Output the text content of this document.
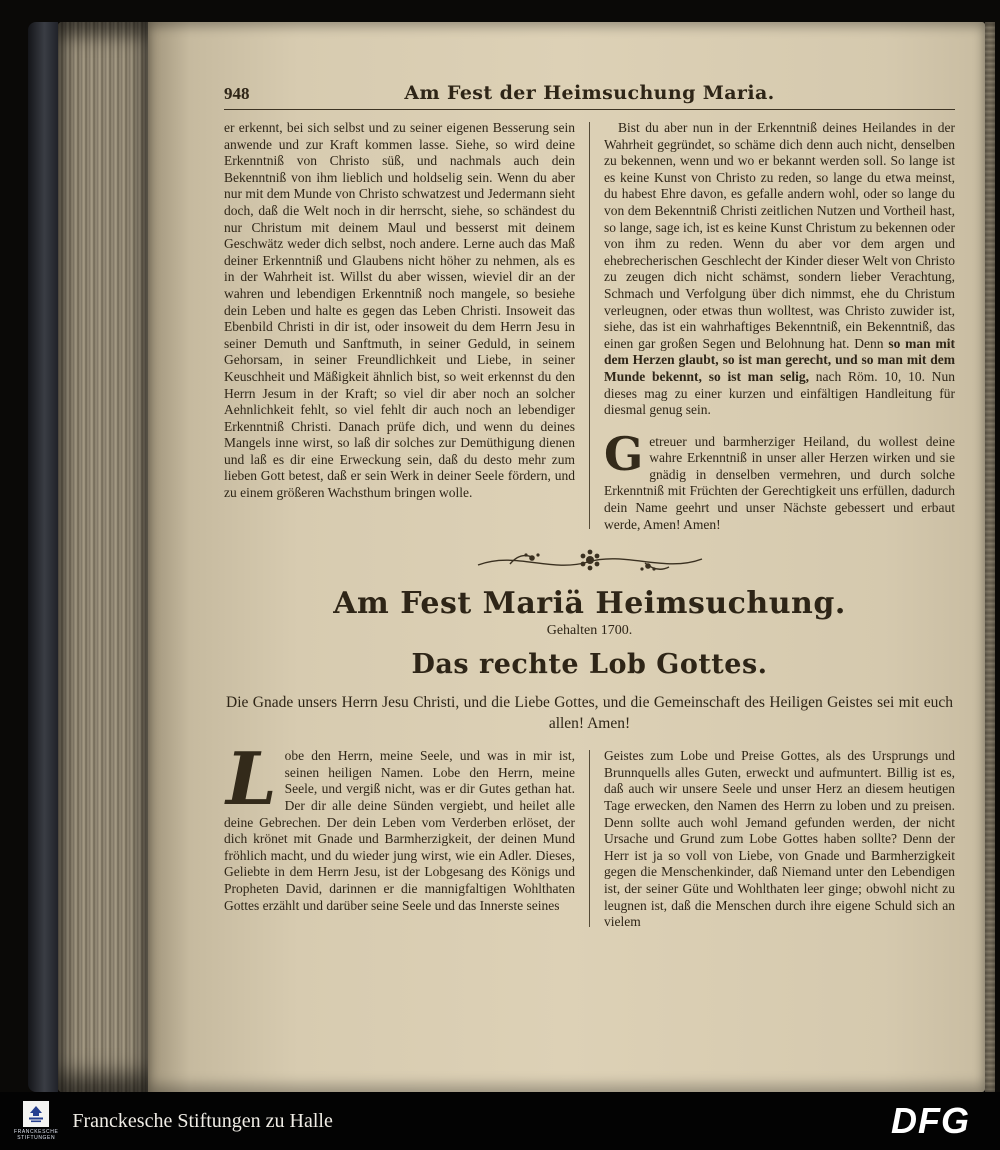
948	Am Fest der Heimsuchung Maria.

er erkennt, bei sich selbst und zu seiner eigenen Besserung sein anwende und zur Kraft kommen lasse. Siehe, so wird deine Erkenntniß von Christo süß, und nachmals auch dein Bekenntniß von ihm lieblich und holdselig sein. Wenn du aber nur mit dem Munde von Christo schwatzest und Jedermann sieht doch, daß die Welt noch in dir herrscht, siehe, so schändest du nur Christum mit deinem Maul und besserst mit deinem Geschwätz weder dich selbst, noch andere. Lerne auch das Maß deiner Erkenntniß und Glaubens nicht höher zu nehmen, als es in der Wahrheit ist. Willst du aber wissen, wieviel dir an der wahren und lebendigen Erkenntniß noch mangele, so besiehe dein Leben und halte es gegen das Leben Christi. Insoweit das Ebenbild Christi in dir ist, oder insoweit du dem Herrn Jesu in seiner Demuth und Sanftmuth, in seiner Geduld, in seinem Gehorsam, in seiner Freundlichkeit und Liebe, in seiner Keuschheit und Mäßigkeit ähnlich bist, so weit erkennst du den Herrn Jesum in der Kraft; so viel dir aber noch an solcher Aehnlichkeit fehlt, so viel fehlt dir auch noch an lebendiger Erkenntniß Christi. Danach prüfe dich, und wenn du deines Mangels inne wirst, so laß dir solches zur Demüthigung dienen und laß es dir eine Erweckung sein, daß du desto mehr zum lieben Gott betest, daß er sein Werk in deiner Seele fördern, und zu einem größeren Wachsthum bringen wolle.

Bist du aber nun in der Erkenntniß deines Heilandes in der Wahrheit gegründet, so schäme dich denn auch nicht, denselben zu bekennen, wenn und wo er bekannt werden soll. So lange ist es keine Kunst von Christo zu reden, so lange du etwa meinst, du habest Ehre davon, es gefalle andern wohl, oder so lange du von dem Bekenntniß Christi zeitlichen Nutzen und Vortheil hast, so lange, sage ich, ist es keine Kunst Christum zu bekennen oder von ihm zu reden. Wenn du aber vor dem argen und ehebrecherischen Geschlecht der Kinder dieser Welt von Christo zu zeugen dich nicht schämst, sondern lieber Verachtung, Schmach und Verfolgung über dich nimmst, ehe du Christum verleugnen, oder etwas thun wolltest, was Christo zuwider ist, siehe, das ist ein wahrhaftiges Bekenntniß, ein Bekenntniß, das einen gar großen Segen und Belohnung hat. Denn so man mit dem Herzen glaubt, so ist man gerecht, und so man mit dem Munde bekennt, so ist man selig, nach Röm. 10, 10. Nun dieses mag zu einer kurzen und einfältigen Handleitung für diesmal genug sein.

Getreuer und barmherziger Heiland, du wollest deine wahre Erkenntniß in unser aller Herzen wirken und sie gnädig in denselben vermehren, und durch solche Erkenntniß mit Früchten der Gerechtigkeit uns erfüllen, dadurch dein Name geehrt und unser Nächste gebessert und erbaut werde, Amen! Amen!

Am Fest Mariä Heimsuchung.
Gehalten 1700.
Das rechte Lob Gottes.

Die Gnade unsers Herrn Jesu Christi, und die Liebe Gottes, und die Gemeinschaft des Heiligen Geistes sei mit euch allen! Amen!

Lobe den Herrn, meine Seele, und was in mir ist, seinen heiligen Namen. Lobe den Herrn, meine Seele, und vergiß nicht, was er dir Gutes gethan hat. Der dir alle deine Sünden vergiebt, und heilet alle deine Gebrechen. Der dein Leben vom Verderben erlöset, der dich krönet mit Gnade und Barmherzigkeit, der deinen Mund fröhlich macht, und du wieder jung wirst, wie ein Adler. Dieses, Geliebte in dem Herrn Jesu, ist der Lobgesang des Königs und Propheten David, darinnen er die mannigfaltigen Wohlthaten Gottes erzählt und darüber seine Seele und das Innerste seines

Geistes zum Lobe und Preise Gottes, als des Ursprungs und Brunnquells alles Guten, erweckt und aufmuntert. Billig ist es, daß auch wir unsere Seele und unser Herz an diesem heutigen Tage erwecken, den Namen des Herrn zu loben und zu preisen. Denn sollte auch wohl Jemand gefunden werden, der nicht Ursache und Grund zum Lobe Gottes haben sollte? Denn der Herr ist ja so voll von Liebe, von Gnade und Barmherzigkeit gegen die Menschenkinder, daß Niemand unter den Lebendigen ist, der seiner Güte und Wohlthaten leer ginge; obwohl nicht zu leugnen ist, daß die Menschen durch ihre eigene Schuld sich an vielem

FRANCKESCHE
STIFTUNGEN
Franckesche Stiftungen zu Halle	DFG
